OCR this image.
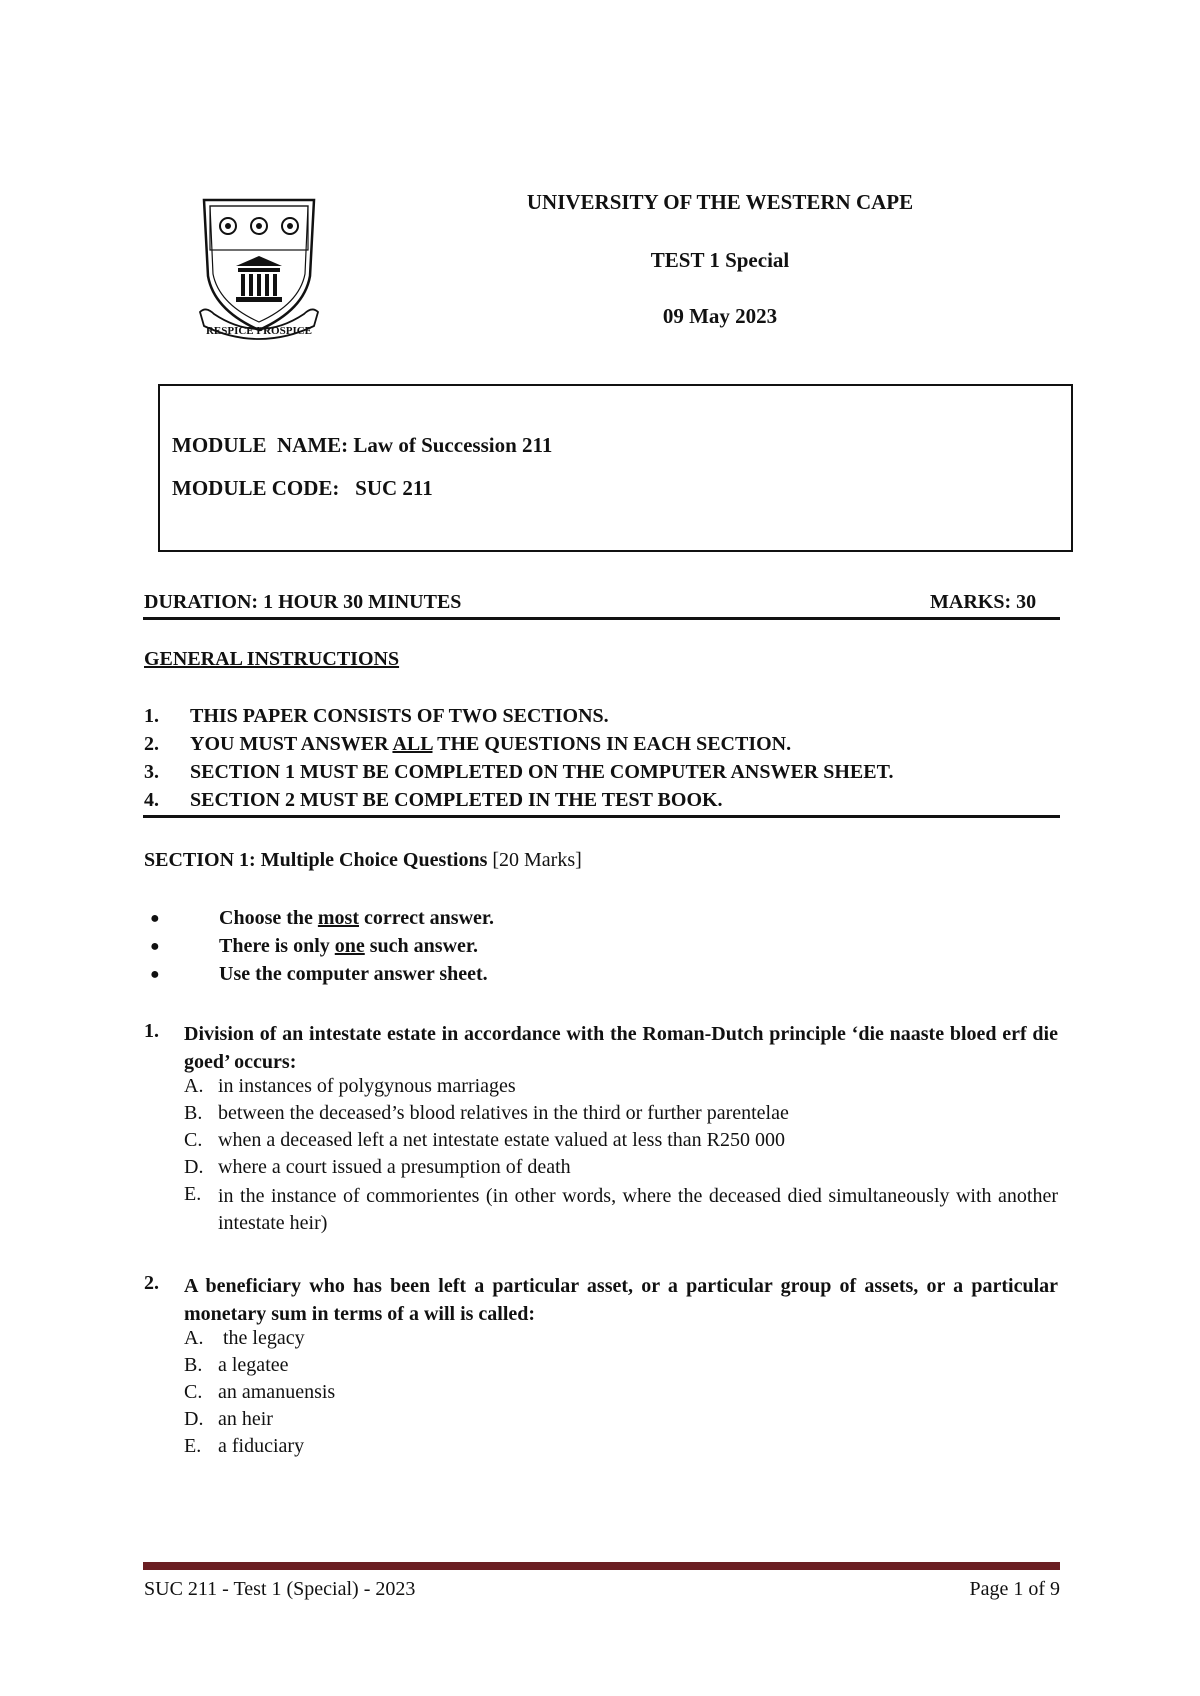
RESPICE PROSPICE
UNIVERSITY OF THE WESTERN CAPE
TEST 1 Special
09 May 2023
MODULE  NAME: Law of Succession 211
MODULE CODE: SUC 211
DURATION: 1 HOUR 30 MINUTES	MARKS: 30
GENERAL INSTRUCTIONS
1. THIS PAPER CONSISTS OF TWO SECTIONS.
2. YOU MUST ANSWER ALL THE QUESTIONS IN EACH SECTION.
3. SECTION 1 MUST BE COMPLETED ON THE COMPUTER ANSWER SHEET.
4. SECTION 2 MUST BE COMPLETED IN THE TEST BOOK.
SECTION 1: Multiple Choice Questions [20 Marks]
●	Choose the most correct answer.
●	There is only one such answer.
●	Use the computer answer sheet.
1. Division of an intestate estate in accordance with the Roman-Dutch principle ‘die naaste bloed erf die goed’ occurs:
A. in instances of polygynous marriages
B. between the deceased’s blood relatives in the third or further parentelae
C. when a deceased left a net intestate estate valued at less than R250 000
D. where a court issued a presumption of death
E. in the instance of commorientes (in other words, where the deceased died simultaneously with another intestate heir)
2. A beneficiary who has been left a particular asset, or a particular group of assets, or a particular monetary sum in terms of a will is called:
A. the legacy
B. a legatee
C. an amanuensis
D. an heir
E. a fiduciary
SUC 211 - Test 1 (Special) - 2023	Page 1 of 9
